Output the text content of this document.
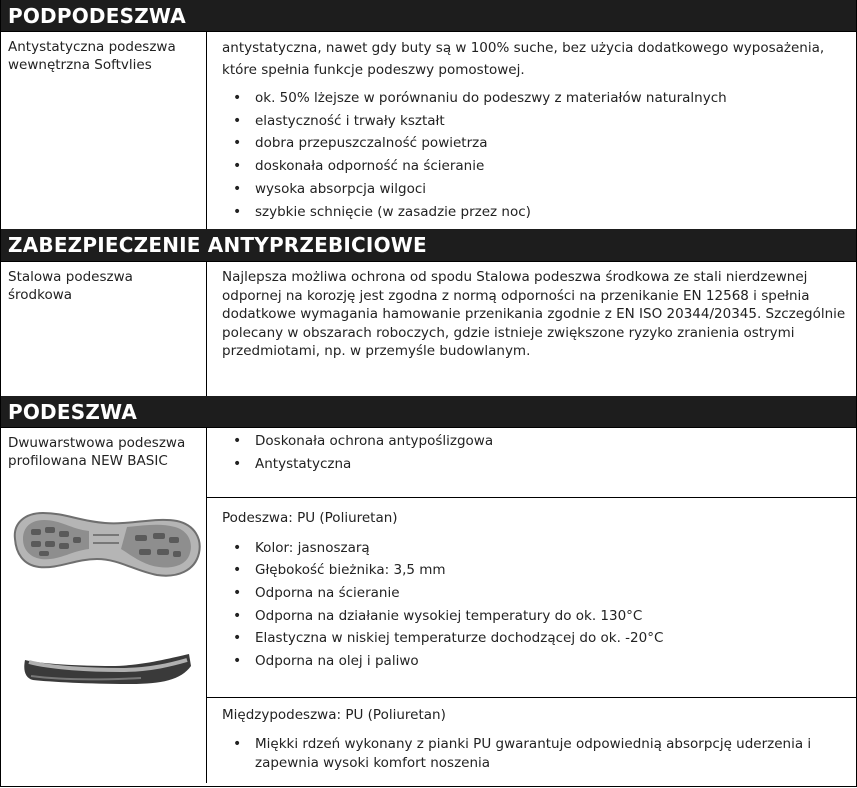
PODPODESZWA
Antystatyczna podeszwa wewnętrzna Softvlies

antystatyczna, nawet gdy buty są w 100% suche, bez użycia dodatkowego wyposażenia, które spełnia funkcje podeszwy pomostowej.

• ok. 50% lżejsze w porównaniu do podeszwy z materiałów naturalnych
• elastyczność i trwały kształt
• dobra przepuszczalność powietrza
• doskonała odporność na ścieranie
• wysoka absorpcja wilgoci
• szybkie schnięcie (w zasadzie przez noc)
ZABEZPIECZENIE ANTYPRZEBICIOWE
Stalowa podeszwa środkowa

Najlepsza możliwa ochrona od spodu Stalowa podeszwa środkowa ze stali nierdzewnej odpornej na korozję jest zgodna z normą odporności na przenikanie EN 12568 i spełnia dodatkowe wymagania hamowanie przenikania zgodnie z EN ISO 20344/20345. Szczególnie polecany w obszarach roboczych, gdzie istnieje zwiększone ryzyko zranienia ostrymi przedmiotami, np. w przemyśle budowlanym.

PODESZWA
Dwuwarstwowa podeszwa profilowana NEW BASIC
• Doskonała ochrona antypoślizgowa
• Antystatyczna

Podeszwa: PU (Poliuretan)

• Kolor: jasnoszarą
• Głębokość bieżnika: 3,5 mm
• Odporna na ścieranie
• Odporna na działanie wysokiej temperatury do ok. 130°C
• Elastyczna w niskiej temperaturze dochodzącej do ok. -20°C
• Odporna na olej i paliwo

Międzypodeszwa: PU (Poliuretan)

• Miękki rdzeń wykonany z pianki PU gwarantuje odpowiednią absorpcję uderzenia i zapewnia wysoki komfort noszenia
